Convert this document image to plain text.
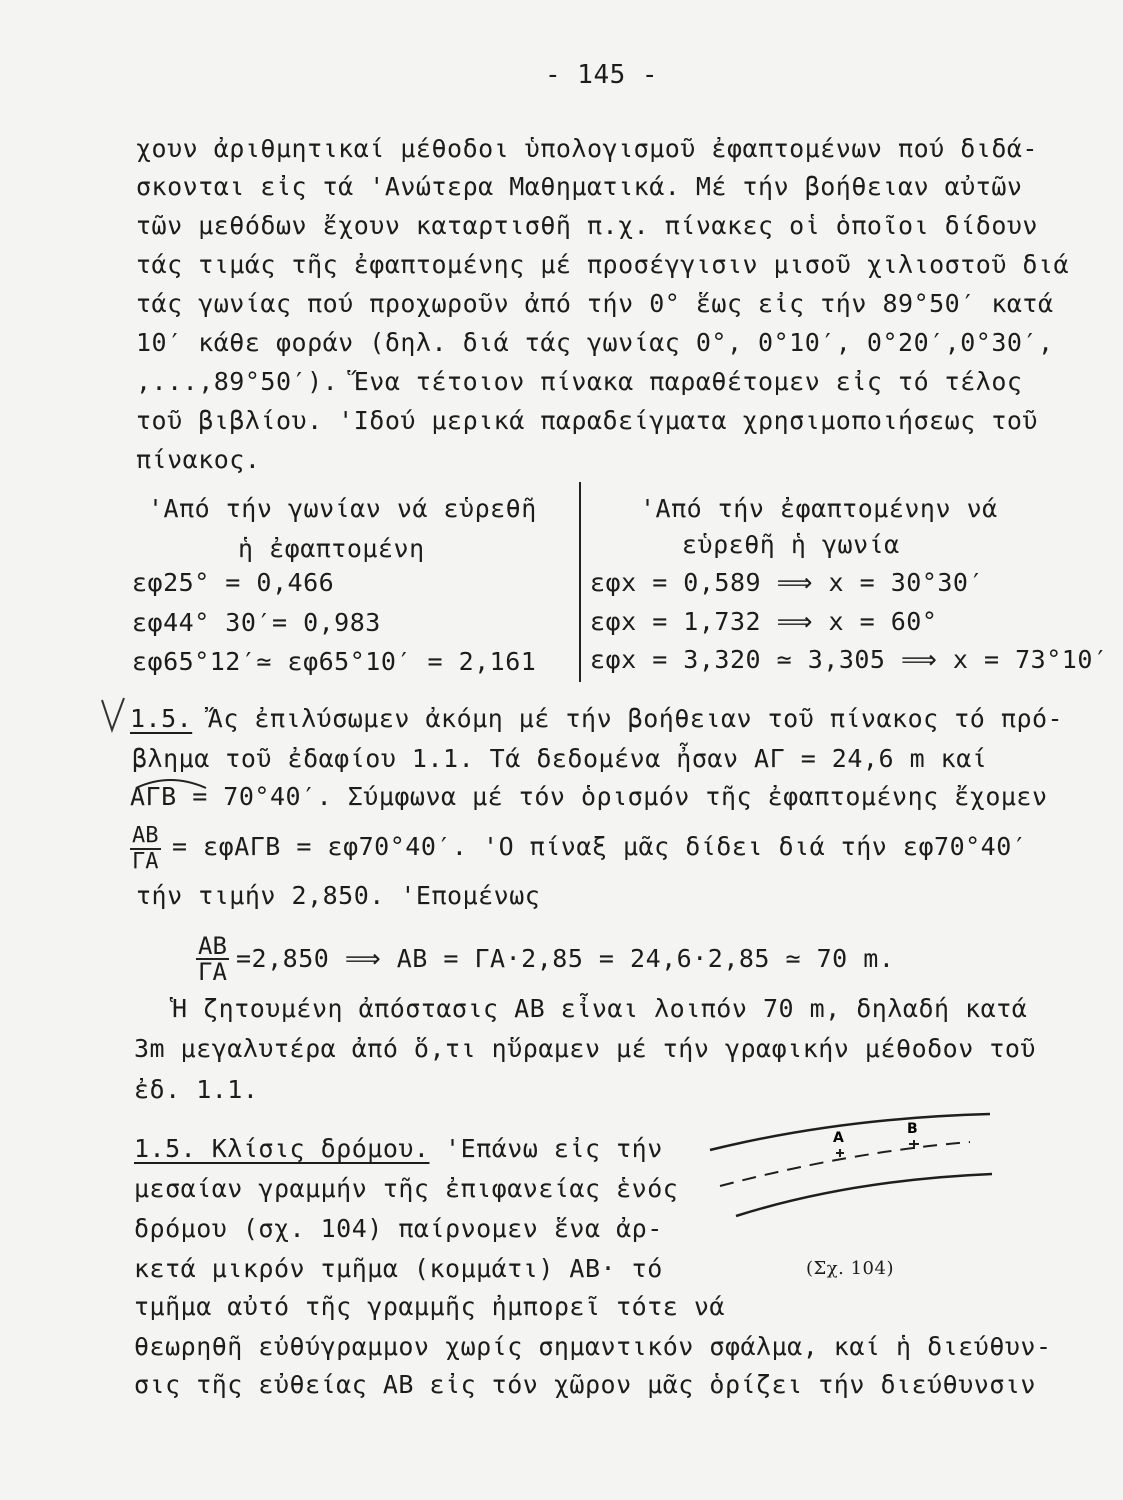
- 145 -
χουν ἀριθμητικαί μέθοδοι ὑπολογισμοῦ ἐφαπτομένων πού διδά-
σκονται εἰς τά 'Ανώτερα Μαθηματικά. Μέ τήν βοήθειαν αὐτῶν
τῶν μεθόδων ἔχουν καταρτισθῆ π.χ. πίνακες οἱ ὁποῖοι δίδουν
τάς τιμάς τῆς ἐφαπτομένης μέ προσέγγισιν μισοῦ χιλιοστοῦ διά
τάς γωνίας πού προχωροῦν ἀπό τήν 0° ἕως εἰς τήν 89°50′ κατά
10′ κάθε φοράν (δηλ. διά τάς γωνίας 0°, 0°10′, 0°20′,0°30′,
,...,89°50′). Ἕνα τέτοιον πίνακα παραθέτομεν εἰς τό τέλος
τοῦ βιβλίου. 'Ιδού μερικά παραδείγματα χρησιμοποιήσεως τοῦ
πίνακος.
'Από τήν γωνίαν νά εὑρεθῆ
ἡ ἐφαπτομένη
εφ25° = 0,466
εφ44° 30′= 0,983
εφ65°12′≃ εφ65°10′ = 2,161
'Από τήν ἐφαπτομένην νά
εὑρεθῆ ἡ γωνία
εφx = 0,589 ⟹ x = 30°30′
εφx = 1,732 ⟹ x = 60°
εφx = 3,320 ≃ 3,305 ⟹ x = 73°10′
1.5. Ἄς ἐπιλύσωμεν ἀκόμη μέ τήν βοήθειαν τοῦ πίνακος τό πρό-
βλημα τοῦ ἐδαφίου 1.1. Τά δεδομένα ἦσαν ΑΓ = 24,6 m καί
ΑΓΒ = 70°40′. Σύμφωνα μέ τόν ὁρισμόν τῆς ἐφαπτομένης ἔχομεν
$\frac{AB}{\Gamma A} = \varepsilon\varphi A\Gamma B = \varepsilon\varphi 70^\circ 40'$. 'Ο πίναξ μᾶς δίδει διά τήν εφ70°40′
τήν τιμήν 2,850. 'Επομένως
$\frac{AB}{\Gamma A} =2,850$ ⟹ ΑΒ = ΓΑ·2,85 = 24,6·2,85 ≃ 70 m.
Ἡ ζητουμένη ἀπόστασις ΑΒ εἶναι λοιπόν 70 m, δηλαδή κατά
3m μεγαλυτέρα ἀπό ὅ,τι ηὕραμεν μέ τήν γραφικήν μέθοδον τοῦ
ἐδ. 1.1.
1.5. Κλίσις δρόμου. 'Επάνω εἰς τήν
μεσαίαν γραμμήν τῆς ἐπιφανείας ἑνός
δρόμου (σχ. 104) παίρνομεν ἕνα ἀρ-
κετά μικρόν τμῆμα (κομμάτι) ΑΒ· τό
τμῆμα αὐτό τῆς γραμμῆς ἠμπορεῖ τότε νά
θεωρηθῆ εὐθύγραμμον χωρίς σημαντικόν σφάλμα, καί ἡ διεύθυν-
σις τῆς εὐθείας ΑΒ εἰς τόν χῶρον μᾶς ὁρίζει τήν διεύθυνσιν
A
B
(Σχ. 104)
